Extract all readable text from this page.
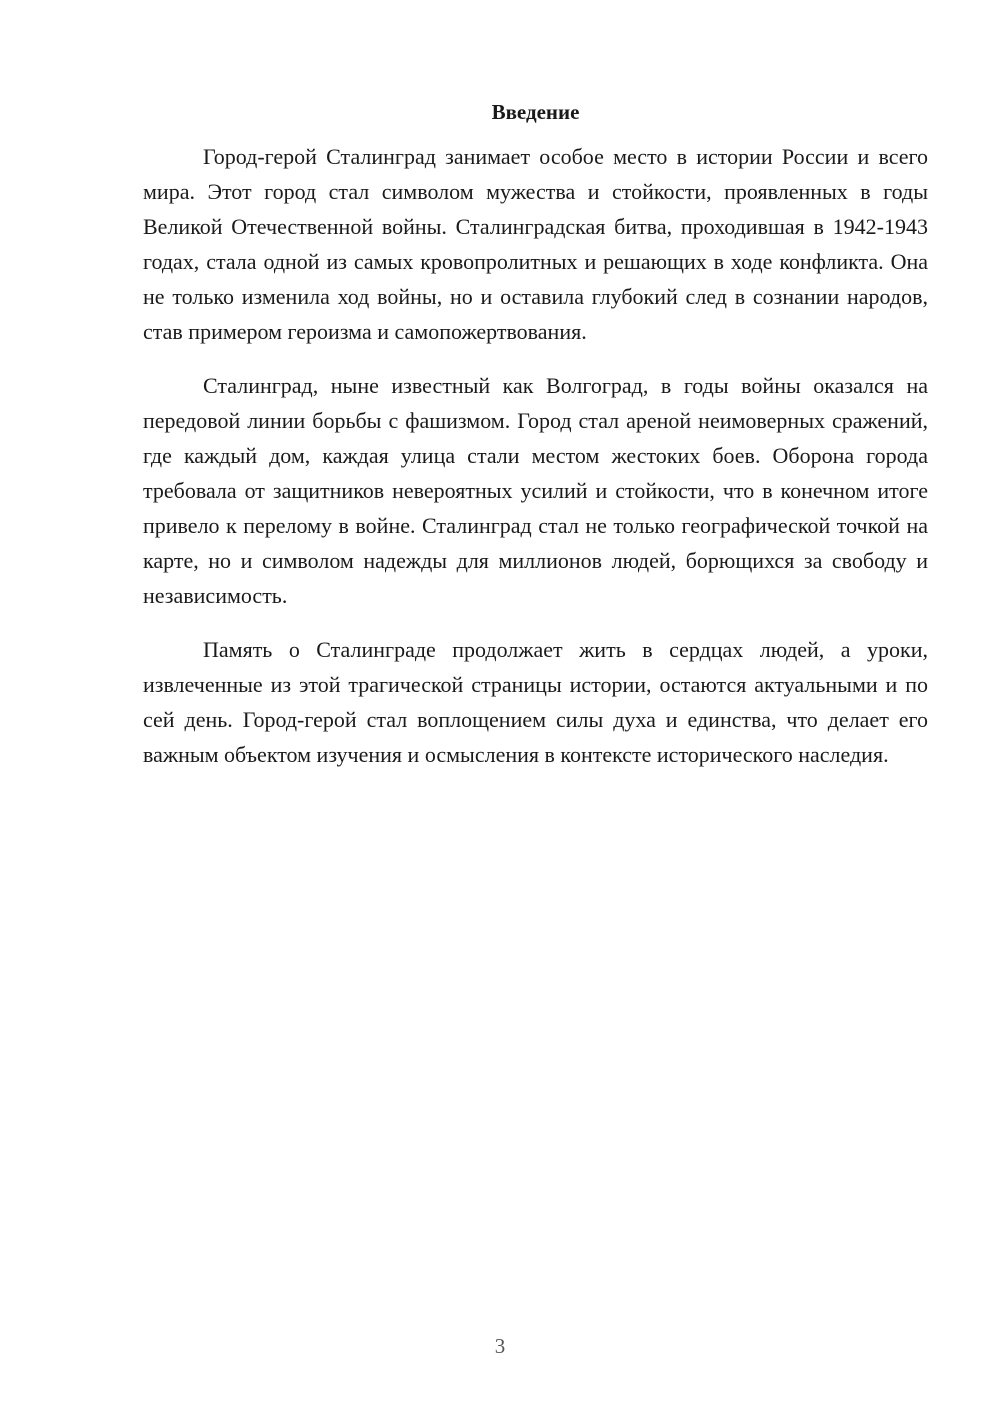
Введение

Город-герой Сталинград занимает особое место в истории России и всего мира. Этот город стал символом мужества и стойкости, проявленных в годы Великой Отечественной войны. Сталинградская битва, проходившая в 1942-1943 годах, стала одной из самых кровопролитных и решающих в ходе конфликта. Она не только изменила ход войны, но и оставила глубокий след в сознании народов, став примером героизма и самопожертвования.

Сталинград, ныне известный как Волгоград, в годы войны оказался на передовой линии борьбы с фашизмом. Город стал ареной неимоверных сражений, где каждый дом, каждая улица стали местом жестоких боев. Оборона города требовала от защитников невероятных усилий и стойкости, что в конечном итоге привело к перелому в войне. Сталинград стал не только географической точкой на карте, но и символом надежды для миллионов людей, борющихся за свободу и независимость.

Память о Сталинграде продолжает жить в сердцах людей, а уроки, извлеченные из этой трагической страницы истории, остаются актуальными и по сей день. Город-герой стал воплощением силы духа и единства, что делает его важным объектом изучения и осмысления в контексте исторического наследия.

3
